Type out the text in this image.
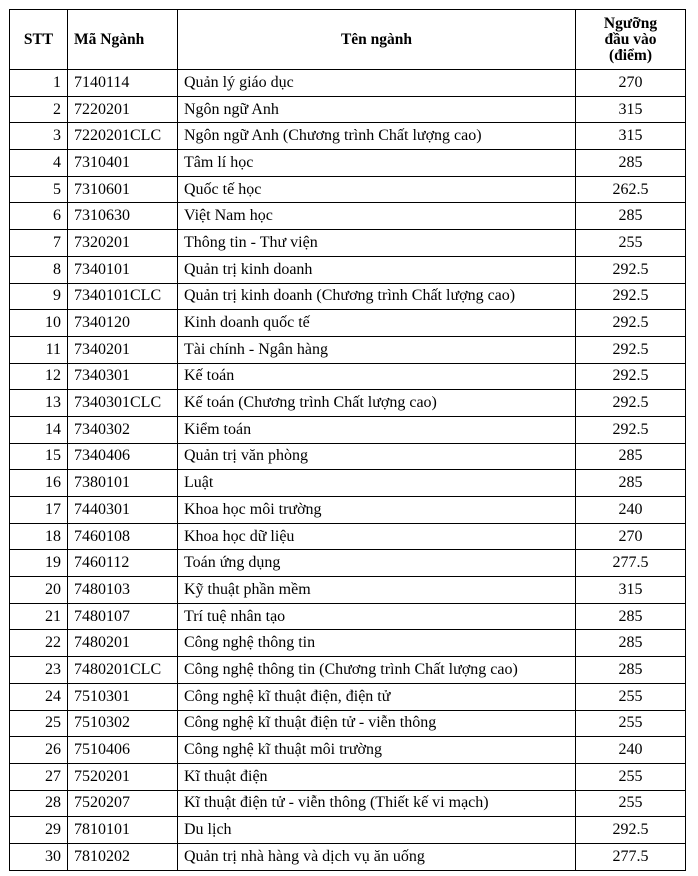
STT	Mã Ngành	Tên ngành	Ngưỡng
đầu vào
(điểm)
1	7140114	Quản lý giáo dục	270
2	7220201	Ngôn ngữ Anh	315
3	7220201CLC	Ngôn ngữ Anh (Chương trình Chất lượng cao)	315
4	7310401	Tâm lí học	285
5	7310601	Quốc tế học	262.5
6	7310630	Việt Nam học	285
7	7320201	Thông tin - Thư viện	255
8	7340101	Quản trị kinh doanh	292.5
9	7340101CLC	Quản trị kinh doanh (Chương trình Chất lượng cao)	292.5
10	7340120	Kinh doanh quốc tế	292.5
11	7340201	Tài chính - Ngân hàng	292.5
12	7340301	Kế toán	292.5
13	7340301CLC	Kế toán (Chương trình Chất lượng cao)	292.5
14	7340302	Kiểm toán	292.5
15	7340406	Quản trị văn phòng	285
16	7380101	Luật	285
17	7440301	Khoa học môi trường	240
18	7460108	Khoa học dữ liệu	270
19	7460112	Toán ứng dụng	277.5
20	7480103	Kỹ thuật phần mềm	315
21	7480107	Trí tuệ nhân tạo	285
22	7480201	Công nghệ thông tin	285
23	7480201CLC	Công nghệ thông tin (Chương trình Chất lượng cao)	285
24	7510301	Công nghệ kĩ thuật điện, điện tử	255
25	7510302	Công nghệ kĩ thuật điện tử - viễn thông	255
26	7510406	Công nghệ kĩ thuật môi trường	240
27	7520201	Kĩ thuật điện	255
28	7520207	Kĩ thuật điện tử - viễn thông (Thiết kế vi mạch)	255
29	7810101	Du lịch	292.5
30	7810202	Quản trị nhà hàng và dịch vụ ăn uống	277.5
